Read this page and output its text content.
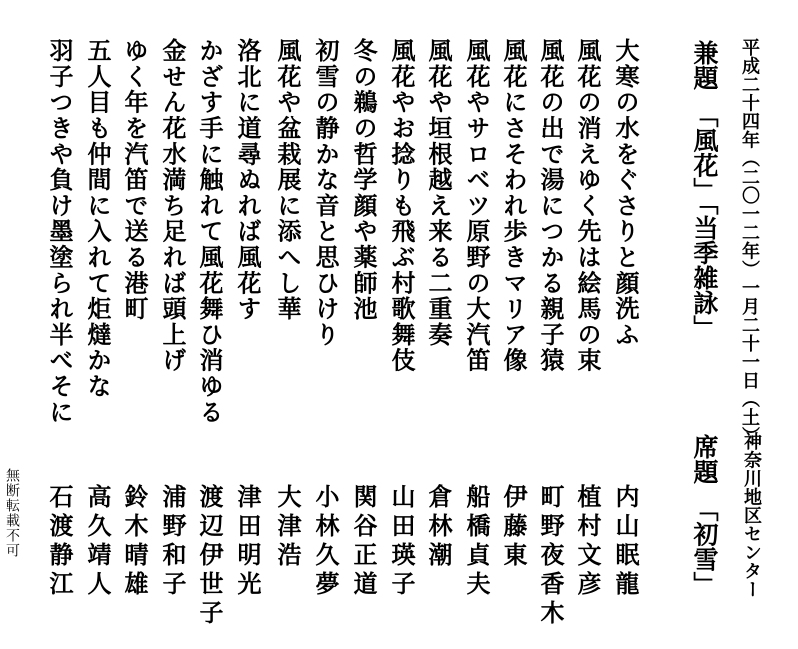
平成二十四年（二〇一二年）一月二十一日（土）
神奈川地区センター
兼題　「風花」「当季雑詠」
席題　「初雪」
大寒の水をぐさりと顔洗ふ
風花の消えゆく先は絵馬の束
風花の出で湯につかる親子猿
風花にさそわれ歩きマリア像
風花やサロベツ原野の大汽笛
風花や垣根越え来る二重奏
風花やお捻りも飛ぶ村歌舞伎
冬の鵜の哲学顔や薬師池
初雪の静かな音と思ひけり
風花や盆栽展に添へし華
洛北に道尋ぬれば風花す
かざす手に触れて風花舞ひ消ゆる
金せん花水満ち足れば頭上げ
ゆく年を汽笛で送る港町
五人目も仲間に入れて炬燵かな
羽子つきや負け墨塗られ半べそに
内山眠龍
植村文彦
町野夜香木
伊藤東
船橋貞夫
倉林潮
山田瑛子
関谷正道
小林久夢
大津浩
津田明光
渡辺伊世子
浦野和子
鈴木晴雄
高久靖人
石渡静江
無断転載不可
